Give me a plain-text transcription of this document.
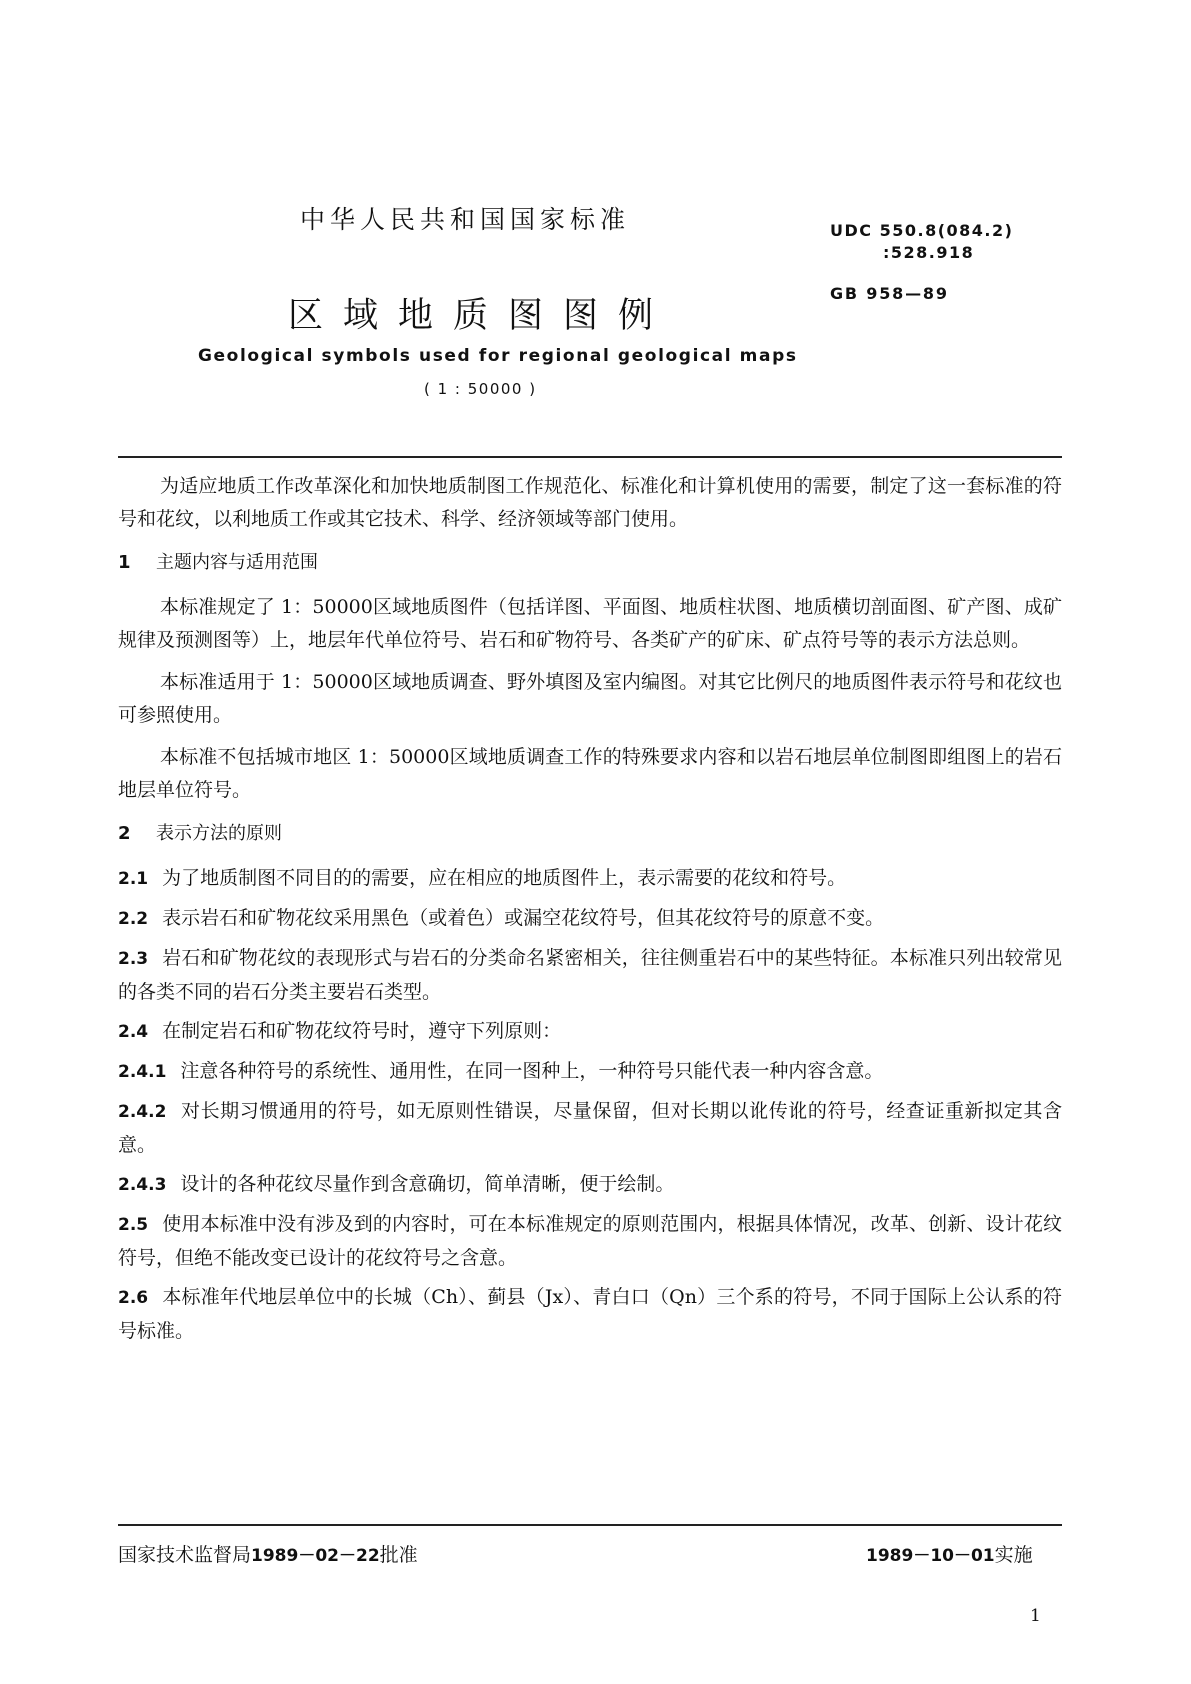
中华人民共和国国家标准
区域地质图图例
Geological symbols used for regional geological maps
( 1 : 50000 )
UDC 550.8(084.2)
:528.918
GB 958—89

为适应地质工作改革深化和加快地质制图工作规范化、标准化和计算机使用的需要，制定了这一套标准的符号和花纹，以利地质工作或其它技术、科学、经济领域等部门使用。

1 主题内容与适用范围

本标准规定了 1：50000区域地质图件（包括详图、平面图、地质柱状图、地质横切剖面图、矿产图、成矿规律及预测图等）上，地层年代单位符号、岩石和矿物符号、各类矿产的矿床、矿点符号等的表示方法总则。

本标准适用于 1：50000区域地质调查、野外填图及室内编图。对其它比例尺的地质图件表示符号和花纹也可参照使用。

本标准不包括城市地区 1：50000区域地质调查工作的特殊要求内容和以岩石地层单位制图即组图上的岩石地层单位符号。

2 表示方法的原则

2.1 为了地质制图不同目的的需要，应在相应的地质图件上，表示需要的花纹和符号。

2.2 表示岩石和矿物花纹采用黑色（或着色）或漏空花纹符号，但其花纹符号的原意不变。

2.3 岩石和矿物花纹的表现形式与岩石的分类命名紧密相关，往往侧重岩石中的某些特征。本标准只列出较常见的各类不同的岩石分类主要岩石类型。

2.4 在制定岩石和矿物花纹符号时，遵守下列原则：

2.4.1 注意各种符号的系统性、通用性，在同一图种上，一种符号只能代表一种内容含意。

2.4.2 对长期习惯通用的符号，如无原则性错误，尽量保留，但对长期以讹传讹的符号，经查证重新拟定其含意。

2.4.3 设计的各种花纹尽量作到含意确切，简单清晰，便于绘制。

2.5 使用本标准中没有涉及到的内容时，可在本标准规定的原则范围内，根据具体情况，改革、创新、设计花纹符号，但绝不能改变已设计的花纹符号之含意。

2.6 本标准年代地层单位中的长城（Ch）、蓟县（Jx）、青白口（Qn）三个系的符号，不同于国际上公认系的符号标准。

国家技术监督局1989－02－22批准	1989－10－01实施
1
